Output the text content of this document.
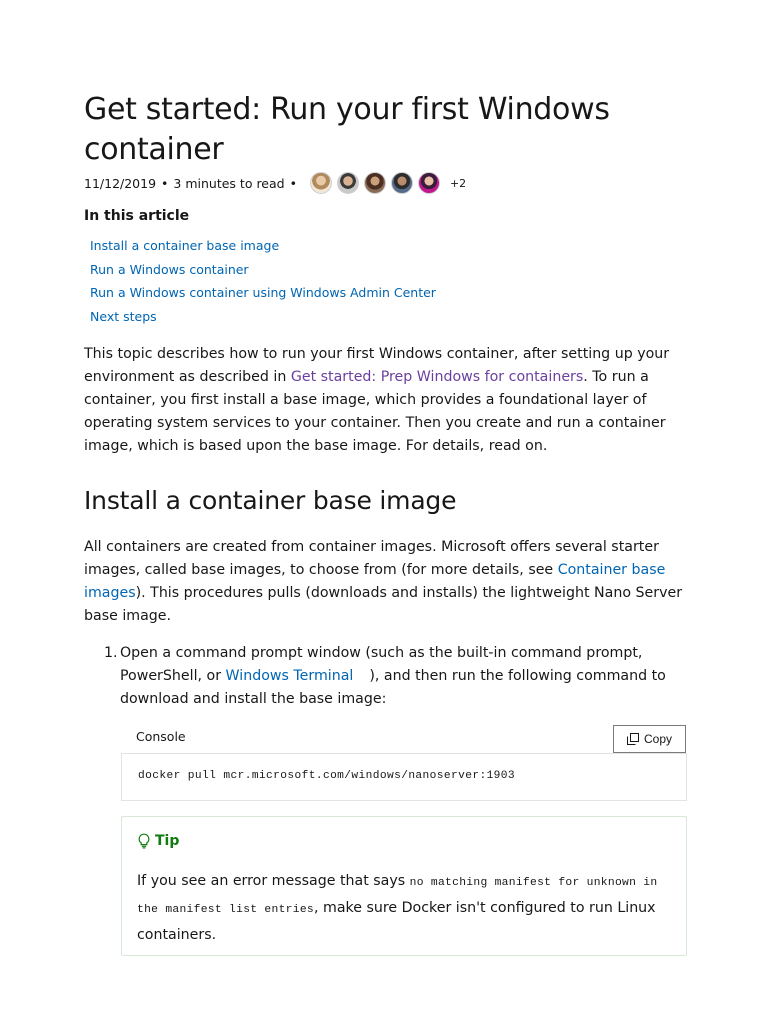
Get started: Run your first Windows container
11/12/2019 • 3 minutes to read •	+2
In this article
Install a container base image
Run a Windows container
Run a Windows container using Windows Admin Center
Next steps

This topic describes how to run your first Windows container, after setting up your environment as described in Get started: Prep Windows for containers. To run a container, you first install a base image, which provides a foundational layer of operating system services to your container. Then you create and run a container image, which is based upon the base image. For details, read on.

Install a container base image

All containers are created from container images. Microsoft offers several starter images, called base images, to choose from (for more details, see Container base images). This procedures pulls (downloads and installs) the lightweight Nano Server base image.

1. Open a command prompt window (such as the built-in command prompt, PowerShell, or Windows Terminal ), and then run the following command to download and install the base image:

Console	Copy
docker pull mcr.microsoft.com/windows/nanoserver:1903
Tip

If you see an error message that says no matching manifest for unknown in the manifest list entries, make sure Docker isn't configured to run Linux containers.
